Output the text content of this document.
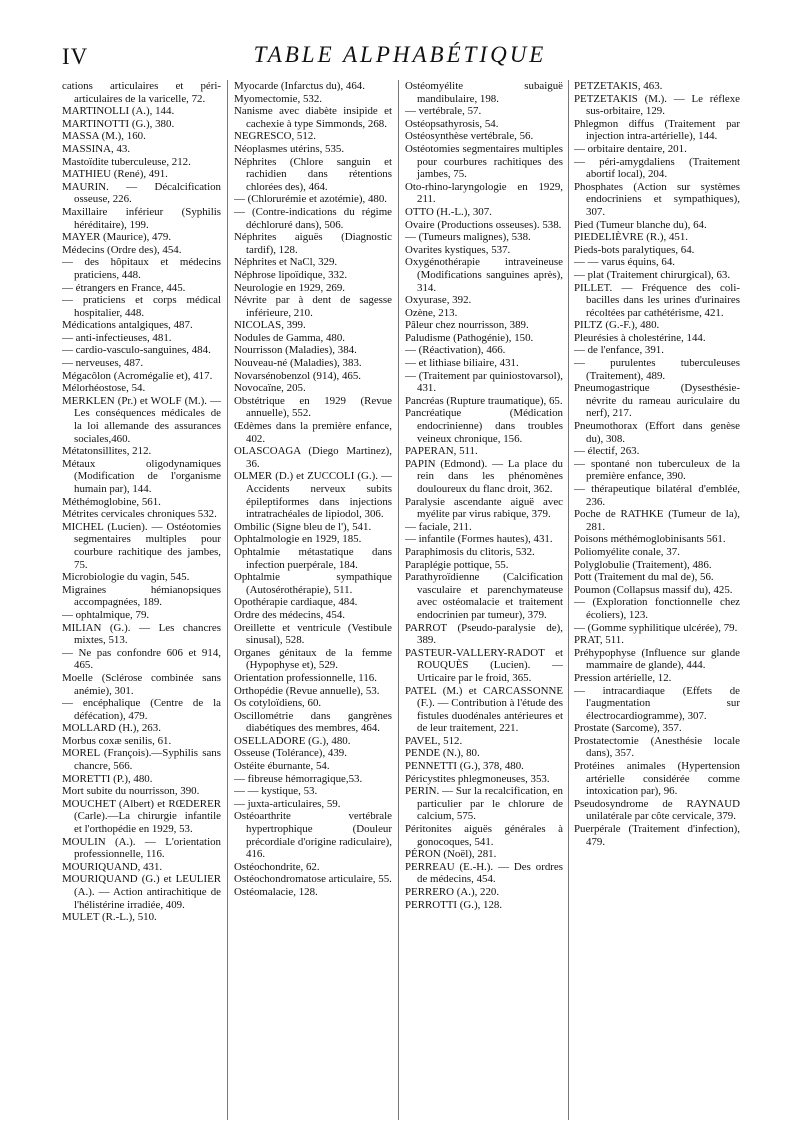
IV	TABLE ALPHABÉTIQUE

cations articulaires et péri-articulaires de la varicelle, 72.

MARTINOLLI (A.), 144.

MARTINOTTI (G.), 380.

MASSA (M.), 160.

MASSINA, 43.

Mastoïdite tuberculeuse, 212.

MATHIEU (René), 491.

MAURIN. — Décalcification osseuse, 226.

Maxillaire inférieur (Syphilis héréditaire), 199.

MAYER (Maurice), 479.

Médecins (Ordre des), 454.

— des hôpitaux et médecins praticiens, 448.

— étrangers en France, 445.

— praticiens et corps médical hospitalier, 448.

Médications antalgiques, 487.

— anti-infectieuses, 481.

— cardio-vasculo-sanguines, 484.

— nerveuses, 487.

Mégacôlon (Acromégalie et), 417.

Mélorhéostose, 54.

MERKLEN (Pr.) et WOLF (M.). — Les conséquences médicales de la loi allemande des assurances sociales,460.

Métatonsillites, 212.

Métaux oligodynamiques (Modification de l'organisme humain par), 144.

Méthémoglobine, 561.

Métrites cervicales chroniques 532.

MICHEL (Lucien). — Ostéotomies segmentaires multiples pour courbure rachitique des jambes, 75.

Microbiologie du vagin, 545.

Migraines hémianopsiques accompagnées, 189.

— ophtalmique, 79.

MILIAN (G.). — Les chancres mixtes, 513.

— Ne pas confondre 606 et 914, 465.

Moelle (Sclérose combinée sans anémie), 301.

— encéphalique (Centre de la défécation), 479.

MOLLARD (H.), 263.

Morbus coxæ senilis, 61.

MOREL (François).—Syphilis sans chancre, 566.

MORETTI (P.), 480.

Mort subite du nourrisson, 390.

MOUCHET (Albert) et RŒDERER (Carle).—La chirurgie infantile et l'orthopédie en 1929, 53.

MOULIN (A.). — L'orientation professionnelle, 116.

MOURIQUAND, 431.

MOURIQUAND (G.) et LEULIER (A.). — Action antirachitique de l'hélistérine irradiée, 409.

MULET (R.-L.), 510.

Myocarde (Infarctus du), 464.

Myomectomie, 532.

Nanisme avec diabète insipide et cachexie à type Simmonds, 268.

NEGRESCO, 512.

Néoplasmes utérins, 535.

Néphrites (Chlore sanguin et rachidien dans rétentions chlorées des), 464.

— (Chlorurémie et azotémie), 480.

— (Contre-indications du régime déchloruré dans), 506.

Néphrites aiguës (Diagnostic tardif), 128.

Néphrites et NaCl, 329.

Néphrose lipoïdique, 332.

Neurologie en 1929, 269.

Névrite par à dent de sagesse inférieure, 210.

NICOLAS, 399.

Nodules de Gamma, 480.

Nourrisson (Maladies), 384.

Nouveau-né (Maladies), 383.

Novarsénobenzol (914), 465.

Novocaïne, 205.

Obstétrique en 1929 (Revue annuelle), 552.

Œdèmes dans la première enfance, 402.

OLASCOAGA (Diego Martinez), 36.

OLMER (D.) et ZUCCOLI (G.). — Accidents nerveux subits épileptiformes dans injections intratrachéales de lipiodol, 306.

Ombilic (Signe bleu de l'), 541.

Ophtalmologie en 1929, 185.

Ophtalmie métastatique dans infection puerpérale, 184.

Ophtalmie sympathique (Autosérothérapie), 511.

Opothérapie cardiaque, 484.

Ordre des médecins, 454.

Oreillette et ventricule (Vestibule sinusal), 528.

Organes génitaux de la femme (Hypophyse et), 529.

Orientation professionnelle, 116.

Orthopédie (Revue annuelle), 53.

Os cotyloïdiens, 60.

Oscillométrie dans gangrènes diabétiques des membres, 464.

OSELLADORE (G.), 480.

Osseuse (Tolérance), 439.

Ostéite éburnante, 54.

— fibreuse hémorragique,53.

— — kystique, 53.

— juxta-articulaires, 59.

Ostéoarthrite vertébrale hypertrophique (Douleur précordiale d'origine radiculaire), 416.

Ostéochondrite, 62.

Ostéochondromatose articulaire, 55.

Ostéomalacie, 128.

Ostéomyélite subaiguë mandibulaire, 198.

— vertébrale, 57.

Ostéopsathyrosis, 54.

Ostéosynthèse vertébrale, 56.

Ostéotomies segmentaires multiples pour courbures rachitiques des jambes, 75.

Oto-rhino-laryngologie en 1929, 211.

OTTO (H.-L.), 307.

Ovaire (Productions osseuses). 538.

— (Tumeurs malignes), 538.

Ovarites kystiques, 537.

Oxygénothérapie intraveineuse (Modifications sanguines après), 314.

Oxyurase, 392.

Ozène, 213.

Pâleur chez nourrisson, 389.

Paludisme (Pathogénie), 150.

— (Réactivation), 466.

— et lithiase biliaire, 431.

— (Traitement par quiniostovarsol), 431.

Pancréas (Rupture traumatique), 65.

Pancréatique (Médication endocrinienne) dans troubles veineux chronique, 156.

PAPERAN, 511.

PAPIN (Edmond). — La place du rein dans les phénomènes douloureux du flanc droit, 362.

Paralysie ascendante aiguë avec myélite par virus rabique, 379.

— faciale, 211.

— infantile (Formes hautes), 431.

Paraphimosis du clitoris, 532.

Paraplégie pottique, 55.

Parathyroïdienne (Calcification vasculaire et parenchymateuse avec ostéomalacie et traitement endocrinien par tumeur), 379.

PARROT (Pseudo-paralysie de), 389.

PASTEUR-VALLERY-RADOT et ROUQUÈS (Lucien). — Urticaire par le froid, 365.

PATEL (M.) et CARCASSONNE (F.). — Contribution à l'étude des fistules duodénales antérieures et de leur traitement, 221.

PAVEL, 512.

PENDE (N.), 80.

PENNETTI (G.), 378, 480.

Péricystites phlegmoneuses, 353.

PERIN. — Sur la recalcification, en particulier par le chlorure de calcium, 575.

Péritonites aiguës générales à gonocoques, 541.

PÉRON (Noël), 281.

PERREAU (E.-H.). — Des ordres de médecins, 454.

PERRERO (A.), 220.

PERROTTI (G.), 128.

PETZETAKIS, 463.

PETZETAKIS (M.). — Le réflexe sus-orbitaire, 129.

Phlegmon diffus (Traitement par injection intra-artérielle), 144.

— orbitaire dentaire, 201.

— péri-amygdaliens (Traitement abortif local), 204.

Phosphates (Action sur systèmes endocriniens et sympathiques), 307.

Pied (Tumeur blanche du), 64.

PIEDELIÈVRE (R.), 451.

Pieds-bots paralytiques, 64.

— — varus équins, 64.

— plat (Traitement chirurgical), 63.

PILLET. — Fréquence des coli-bacilles dans les urines d'urinaires récoltées par cathétérisme, 421.

PILTZ (G.-F.), 480.

Pleurésies à cholestérine, 144.

— de l'enfance, 391.

— purulentes tuberculeuses (Traitement), 489.

Pneumogastrique (Dysesthésie-névrite du rameau auriculaire du nerf), 217.

Pneumothorax (Effort dans genèse du), 308.

— électif, 263.

— spontané non tuberculeux de la première enfance, 390.

— thérapeutique bilatéral d'emblée, 236.

Poche de RATHKE (Tumeur de la), 281.

Poisons méthémoglobinisants 561.

Poliomyélite conale, 37.

Polyglobulie (Traitement), 486.

Pott (Traitement du mal de), 56.

Poumon (Collapsus massif du), 425.

— (Exploration fonctionnelle chez écoliers), 123.

— (Gomme syphilitique ulcérée), 79.

PRAT, 511.

Préhypophyse (Influence sur glande mammaire de glande), 444.

Pression artérielle, 12.

— intracardiaque (Effets de l'augmentation sur électrocardiogramme), 307.

Prostate (Sarcome), 357.

Prostatectomie (Anesthésie locale dans), 357.

Protéines animales (Hypertension artérielle considérée comme intoxication par), 96.

Pseudosyndrome de RAYNAUD unilatérale par côte cervicale, 379.

Puerpérale (Traitement d'infection), 479.
